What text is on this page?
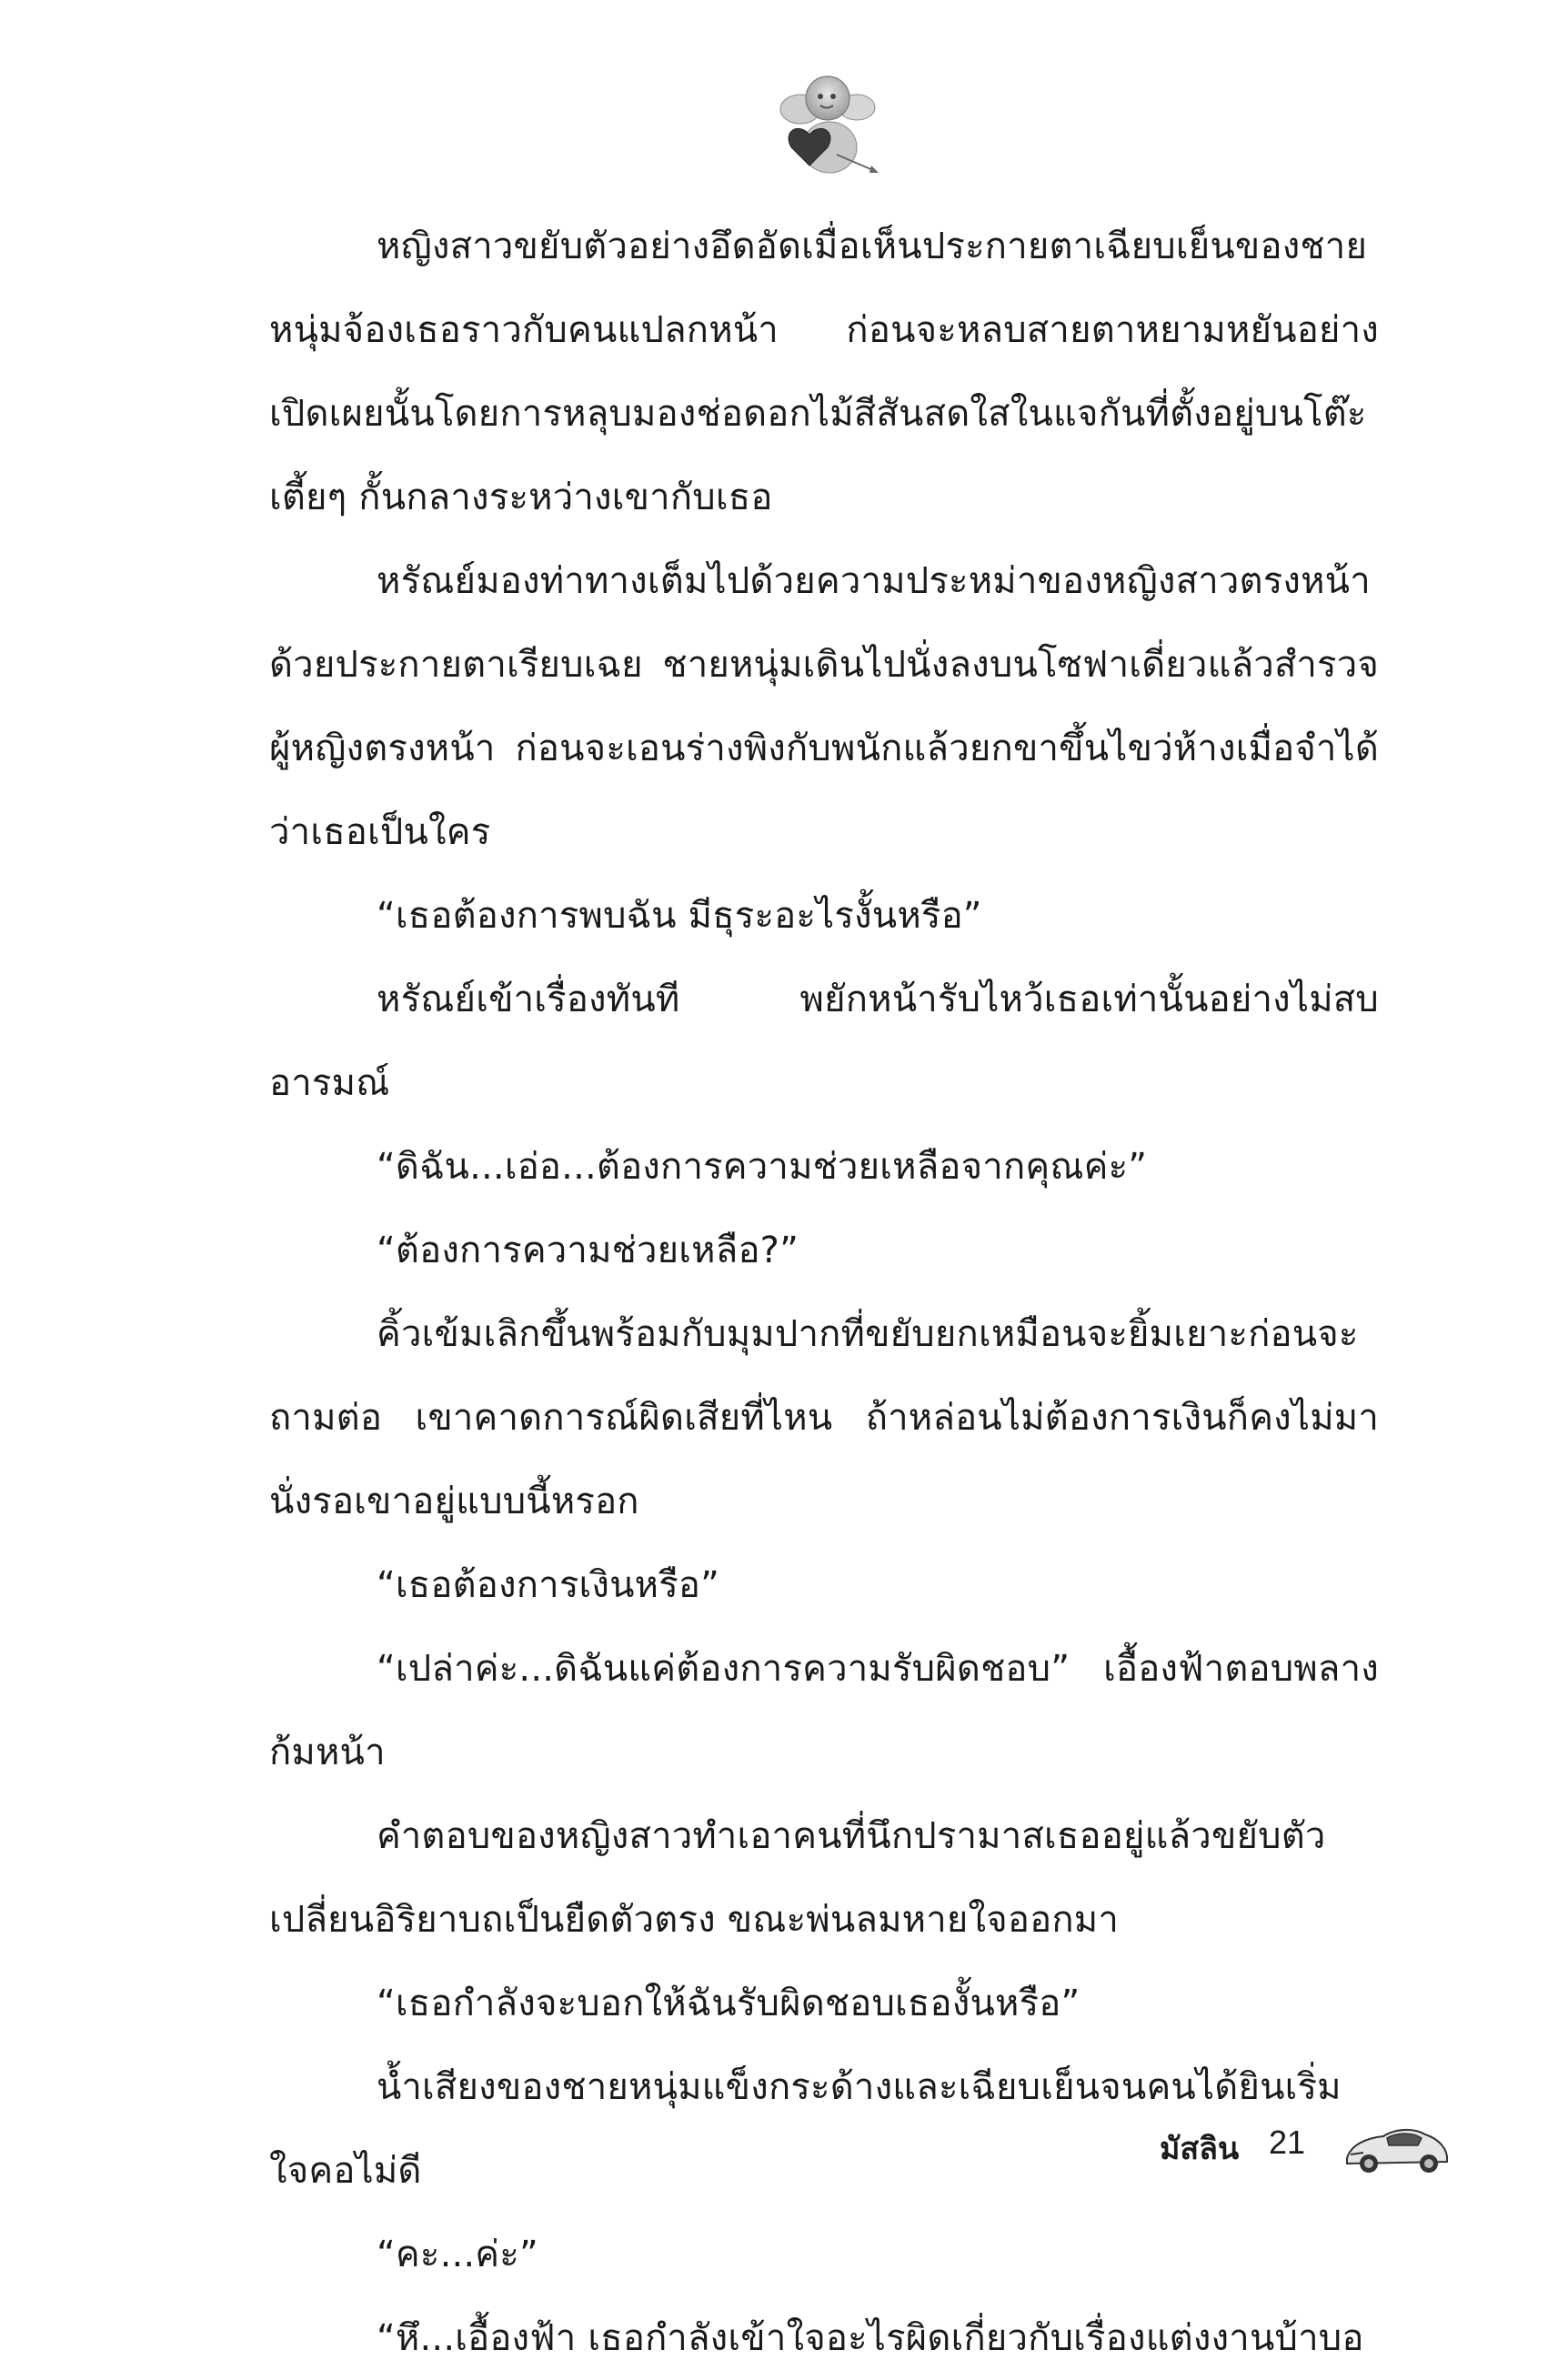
หญิงสาวขยับตัวอย่างอึดอัดเมื่อเห็นประกายตาเฉียบเย็นของชายหนุ่มจ้องเธอราวกับคนแปลกหน้า ก่อนจะหลบสายตาหยามหยันอย่างเปิดเผยนั้นโดยการหลุบมองช่อดอกไม้สีสันสดใสในแจกันที่ตั้งอยู่บนโต๊ะเตี้ยๆ กั้นกลางระหว่างเขากับเธอ

หรัณย์มองท่าทางเต็มไปด้วยความประหม่าของหญิงสาวตรงหน้าด้วยประกายตาเรียบเฉย ชายหนุ่มเดินไปนั่งลงบนโซฟาเดี่ยวแล้วสำรวจผู้หญิงตรงหน้า ก่อนจะเอนร่างพิงกับพนักแล้วยกขาขึ้นไขว่ห้างเมื่อจำได้ว่าเธอเป็นใคร

“เธอต้องการพบฉัน มีธุระอะไรงั้นหรือ”

หรัณย์เข้าเรื่องทันที พยักหน้ารับไหว้เธอเท่านั้นอย่างไม่สบอารมณ์

“ดิฉัน...เอ่อ...ต้องการความช่วยเหลือจากคุณค่ะ”

“ต้องการความช่วยเหลือ?”

คิ้วเข้มเลิกขึ้นพร้อมกับมุมปากที่ขยับยกเหมือนจะยิ้มเยาะก่อนจะถามต่อ เขาคาดการณ์ผิดเสียที่ไหน ถ้าหล่อนไม่ต้องการเงินก็คงไม่มานั่งรอเขาอยู่แบบนี้หรอก

“เธอต้องการเงินหรือ”

“เปล่าค่ะ...ดิฉันแค่ต้องการความรับผิดชอบ” เอื้องฟ้าตอบพลางก้มหน้า

คำตอบของหญิงสาวทำเอาคนที่นึกปรามาสเธออยู่แล้วขยับตัวเปลี่ยนอิริยาบถเป็นยืดตัวตรง ขณะพ่นลมหายใจออกมา

“เธอกำลังจะบอกให้ฉันรับผิดชอบเธองั้นหรือ”

น้ำเสียงของชายหนุ่มแข็งกระด้างและเฉียบเย็นจนคนได้ยินเริ่มใจคอไม่ดี

“คะ...ค่ะ”

“หึ...เอื้องฟ้า เธอกำลังเข้าใจอะไรผิดเกี่ยวกับเรื่องแต่งงานบ้าบอ

มัสลิน 21
